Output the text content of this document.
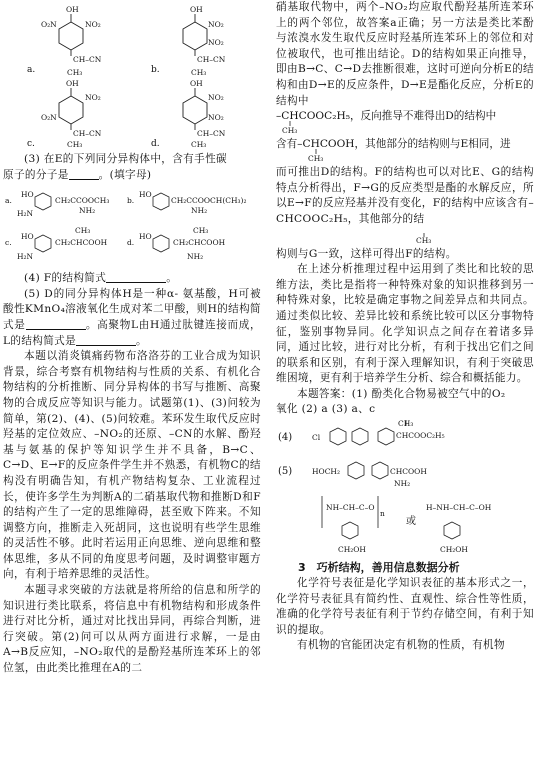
OH
O₂N	NO₂
CH–CN
CH₃
a.
OH
NO₂
NO₂
CH–CN
CH₃
b.
OH
NO₂
O₂N
CH–CN
CH₃
c.
OH
NO₂
NO₂
CH–CN
CH₃
d.

(3) 在E的下列同分异构体中，含有手性碳
原子的分子是	。(填字母)

a.
HO
H₂N
CH₂CCOOCH₃
NH₂
b.
HO
CH₂CCOOCH(CH₃)₂
NH₂
c.
HO
H₂N
CH₂CHCOOH
CH₃
d.
HO
CH₂CHCOOH
CH₃
NH₂

(4) F的结构简式	。

(5) D的同分异构体H是一种α- 氨基酸，H可被酸性KMnO₄溶液氧化生成对苯二甲酸，则H的结构简式是	。高聚物L由H通过肽键连接而成，L的结构简式是	。

本题以消炎镇痛药物布洛洛芬的工业合成为知识背景，综合考察有机物结构与性质的关系、有机化合物结构的分析推断、同分异构体的书写与推断、高聚物的合成反应等知识与能力。试题第(1)、(3)问较为简单，第(2)、(4)、(5)问较难。苯环发生取代反应时羟基的定位效应、–NO₂的还原、–CN的水解、酚羟基与氨基的保护等知识学生并不具备，B→C、C→D、E→F的反应条件学生并不熟悉，有机物C的结构没有明确告知，有机产物结构复杂、工业流程过长，使许多学生为判断A的二硝基取代物和推断D和F的结构产生了一定的思维障碍，甚至败下阵来。不知调整方向，推断走入死胡同，这也说明有些学生思维的灵活性不够。此时若运用正向思维、逆向思维和整体思维，多从不同的角度思考问题，及时调整审题方向，有利于培养思维的灵活性。

本题寻求突破的方法就是将所给的信息和所学的知识进行类比联系，将信息中有机物结构和形成条件进行对比分析，通过对比找出异同，再综合判断，进行突破。第(2)问可以从两方面进行求解，一是由A→B反应知，–NO₂取代的是酚羟基所连苯环上的邻位氢，由此类比推理在A的二

硝基取代物中，两个–NO₂均应取代酚羟基所连苯环上的两个邻位，故答案a正确；另一方法是类比苯酚与浓溴水发生取代反应时羟基所连苯环上的邻位和对位被取代，也可推出结论。D的结构如果正向推导，即由B→C、C→D去推断很难，这时可逆向分析E的结构和由D→E的反应条件，D→E是酯化反应，分析E的结构中

–CHCOOC₂H₅，反向推导不难得出D的结构中
CH₃

含有–CHCOOH，其他部分的结构则与E相同，进
CH₃

而可推出D的结构。F的结构也可以对比E、G的结构特点分析得出，F→G的反应类型是酯的水解反应，所以E→F的反应羟基并没有变化，F的结构中应该含有–CHCOOC₂H₅，其他部分的结

CH₃

构则与G一致，这样可得出F的结构。

在上述分析推理过程中运用到了类比和比较的思维方法，类比是指将一种特殊对象的知识推移到另一种特殊对象，比较是确定事物之间差异点和共同点。通过类似比较、差异比较和系统比较可以区分事物特征，鉴别事物异同。化学知识点之间存在着诸多异同，通过比较，进行对比分析，有利于找出它们之间的联系和区别，有利于深入理解知识，有利于突破思维困境，更有利于培养学生分析、综合和概括能力。

本题答案：(1) 酚类化合物易被空气中的O₂
氧化 (2) a (3) a、c

(4)	Cl
CH₃
CHCOOC₂H₅
(5)	HOCH₂	CHCOOH
NH₂
NH–CH–C–O
n
CH₂OH
或
H–NH–CH–C–OH
CH₂OH

3　巧析结构，善用信息数据分析

化学符号表征是化学知识表征的基本形式之一，化学符号表征具有简约性、直观性、综合性等性质，准确的化学符号表征有利于节约存储空间，有利于知识的提取。

有机物的官能团决定有机物的性质，有机物
